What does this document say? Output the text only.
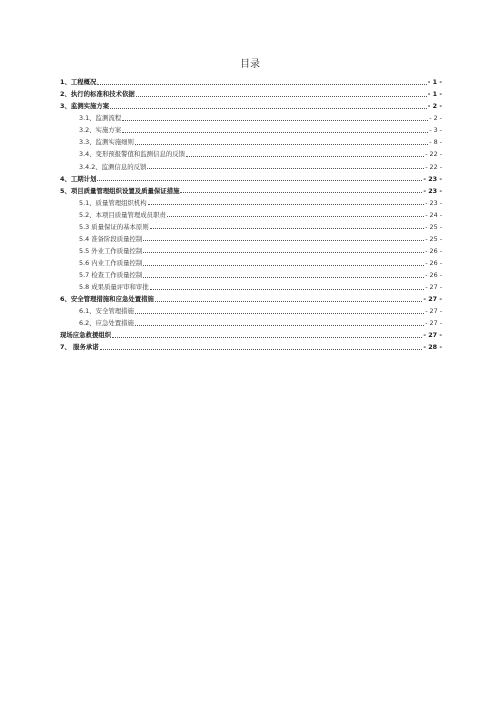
目录
1、工程概况	- 1 -
2、执行的标准和技术依据	- 1 -
3、监测实施方案	- 2 -
3.1、监测流程	- 2 -
3.2、实施方案	- 3 -
3.3、监测实施细则	- 8 -
3.4、变形预报警值和监测信息的反馈	- 22 -
3.4.2、监测信息的反馈	- 22 -
4、工期计划	- 23 -
5、项目质量管理组织设置及质量保证措施	- 23 -
5.1、质量管理组织机构	- 23 -
5.2、本项目质量管理成员职责	- 24 -
5.3 质量保证的基本原则	- 25 -
5.4 准备阶段质量控制	- 25 -
5.5 外业工作质量控制	- 26 -
5.6 内业工作质量控制	- 26 -
5.7 检查工作质量控制	- 26 -
5.8 成果质量评审和审批	- 27 -
6、安全管理措施和应急处置措施	- 27 -
6.1、安全管理措施	- 27 -
6.2、应急处置措施	- 27 -
现场应急救援组织	- 27 -
7、 服务承诺	- 28 -
